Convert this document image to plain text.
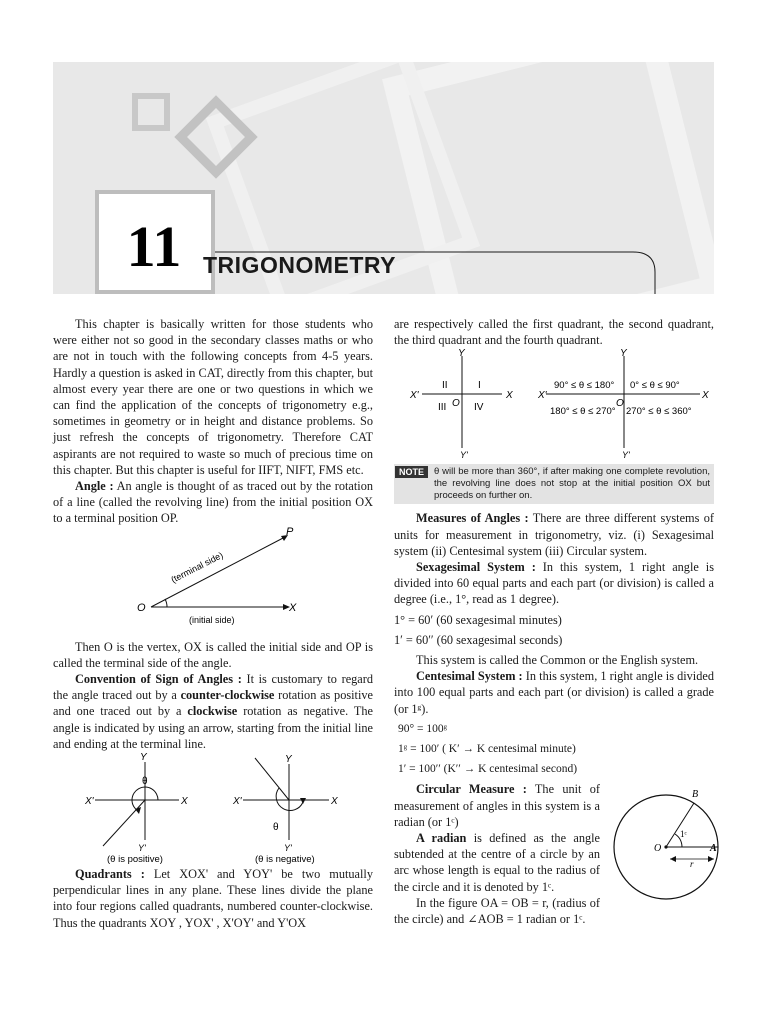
11 TRIGONOMETRY

This chapter is basically written for those students who were either not so good in the secondary classes maths or who are not in touch with the following concepts from 4-5 years. Hardly a question is asked in CAT, directly from this chapter, but almost every year there are one or two questions in which we can find the application of the concepts of trigonometry e.g., sometimes in geometry or in height and distance problems. So just refresh the concepts of trigonometry. Therefore CAT aspirants are not required to waste so much of precious time on this chapter. But this chapter is useful for IIFT, NIFT, FMS etc.

Angle : An angle is thought of as traced out by the rotation of a line (called the revolving line) from the initial position OX to a terminal position OP.

P
O	X
(terminal side)
(initial side)

Then O is the vertex, OX is called the initial side and OP is called the terminal side of the angle.

Convention of Sign of Angles : It is customary to regard the angle traced out by a counter-clockwise rotation as positive and one traced out by a clockwise rotation as negative. The angle is indicated by using an arrow, starting from the initial line and ending at the terminal line.

Y
X'	X
Y'
θ
(θ is positive)
Y
X'	X
Y'
θ
(θ is negative)

Quadrants : Let XOX' and YOY' be two mutually perpendicular lines in any plane. These lines divide the plane into four regions called quadrants, numbered counter-clockwise. Thus the quadrants XOY , YOX' , X'OY' and Y'OX

are respectively called the first quadrant, the second quadrant, the third quadrant and the fourth quadrant.

Y
X'	X
Y'
O
II	I
III	IV
Y
X'	X
Y'
O
90° ≤ θ ≤ 180° 0° ≤ θ ≤ 90°
180° ≤ θ ≤ 270° 270° ≤ θ ≤ 360°
NOTE	θ will be more than 360°, if after making one complete revolution, the revolving line does not stop at the initial position OX but proceeds on further on.

Measures of Angles : There are three different systems of units for measurement in trigonometry, viz. (i) Sexagesimal system (ii) Centesimal system (iii) Circular system.

Sexagesimal System : In this system, 1 right angle is divided into 60 equal parts and each part (or division) is called a degree (i.e., 1°, read as 1 degree).

1° = 60′ (60 sexagesimal minutes)

1′ = 60′′ (60 sexagesimal seconds)

This system is called the Common or the English system.

Centesimal System : In this system, 1 right angle is divided into 100 equal parts and each part (or division) is called a grade (or 1ᵍ).

90° = 100ᵍ

1ᵍ = 100′ ( K′ → K centesimal minute)

1′ = 100′′ (K′′ → K centesimal second)

B
O	A
r
1ᶜ

Circular Measure : The unit of measurement of angles in this system is a radian (or 1ᶜ)

A radian is defined as the angle subtended at the centre of a circle by an arc whose length is equal to the radius of the circle and it is denoted by 1ᶜ.

In the figure OA = OB = r, (radius of the circle) and ∠AOB = 1 radian or 1ᶜ.
